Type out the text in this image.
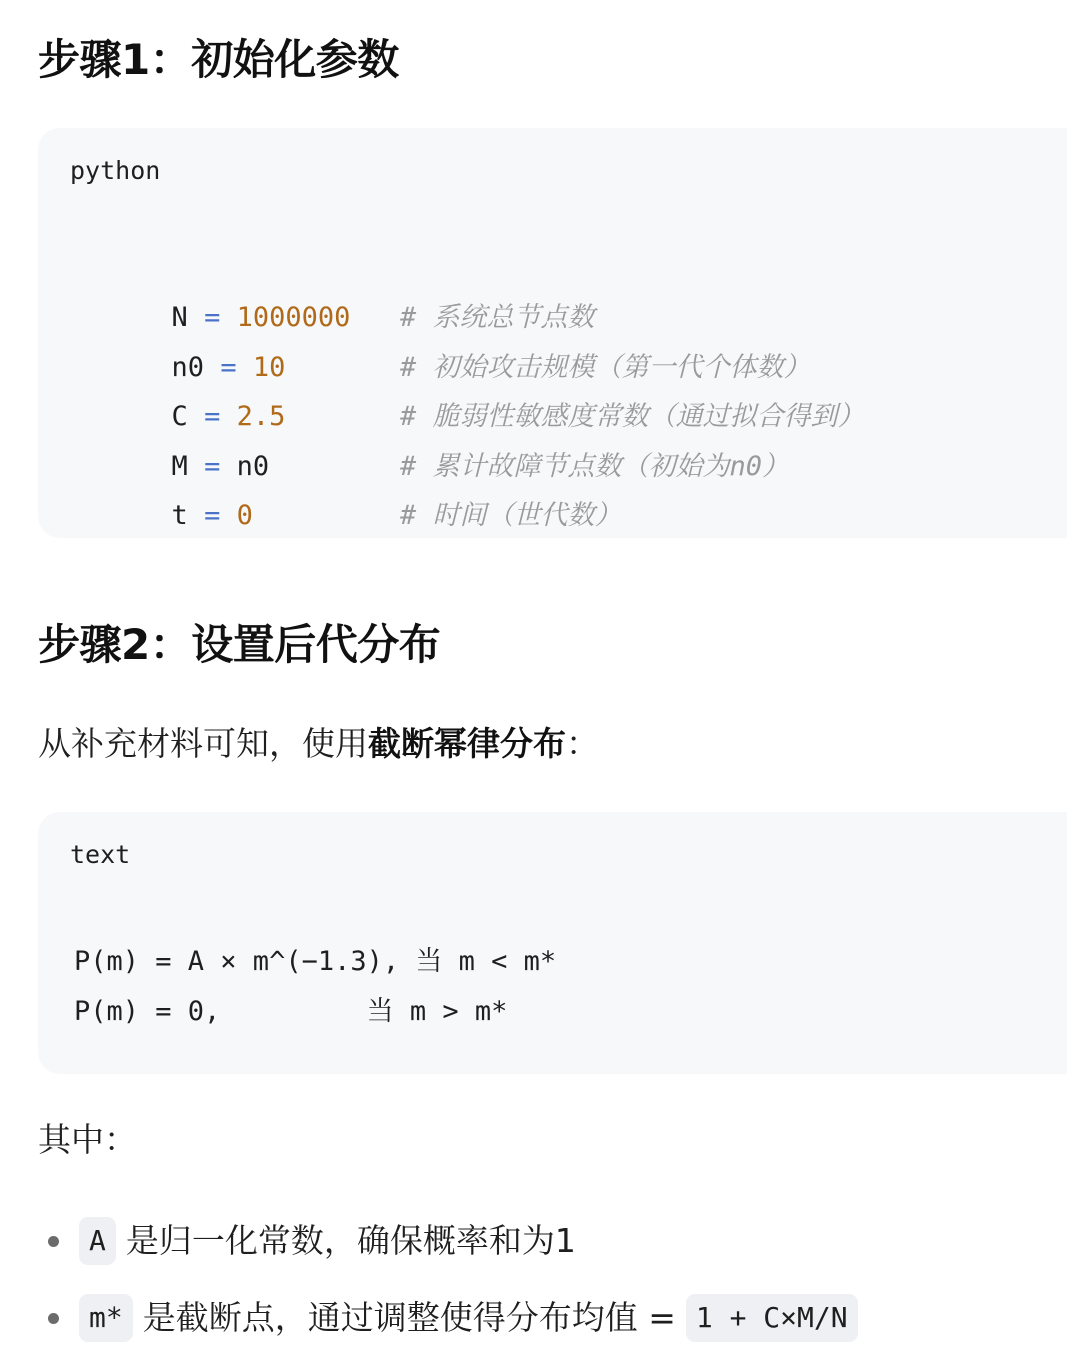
步骤1：初始化参数
python

N = 1000000 # 系统总节点数

n0 = 10	# 初始攻击规模（第一代个体数）

C = 2.5	# 脆弱性敏感度常数（通过拟合得到）

M = n0	# 累计故障节点数（初始为n0）

t = 0	# 时间（世代数）

步骤2：设置后代分布

从补充材料可知，使用截断幂律分布：

text
P(m) = A × m^(−1.3), 当 m < m*
P(m) = 0,         当 m > m*

其中：

A 是归一化常数，确保概率和为1
m* 是截断点，通过调整使得分布均值 = 1 + C×M/N
